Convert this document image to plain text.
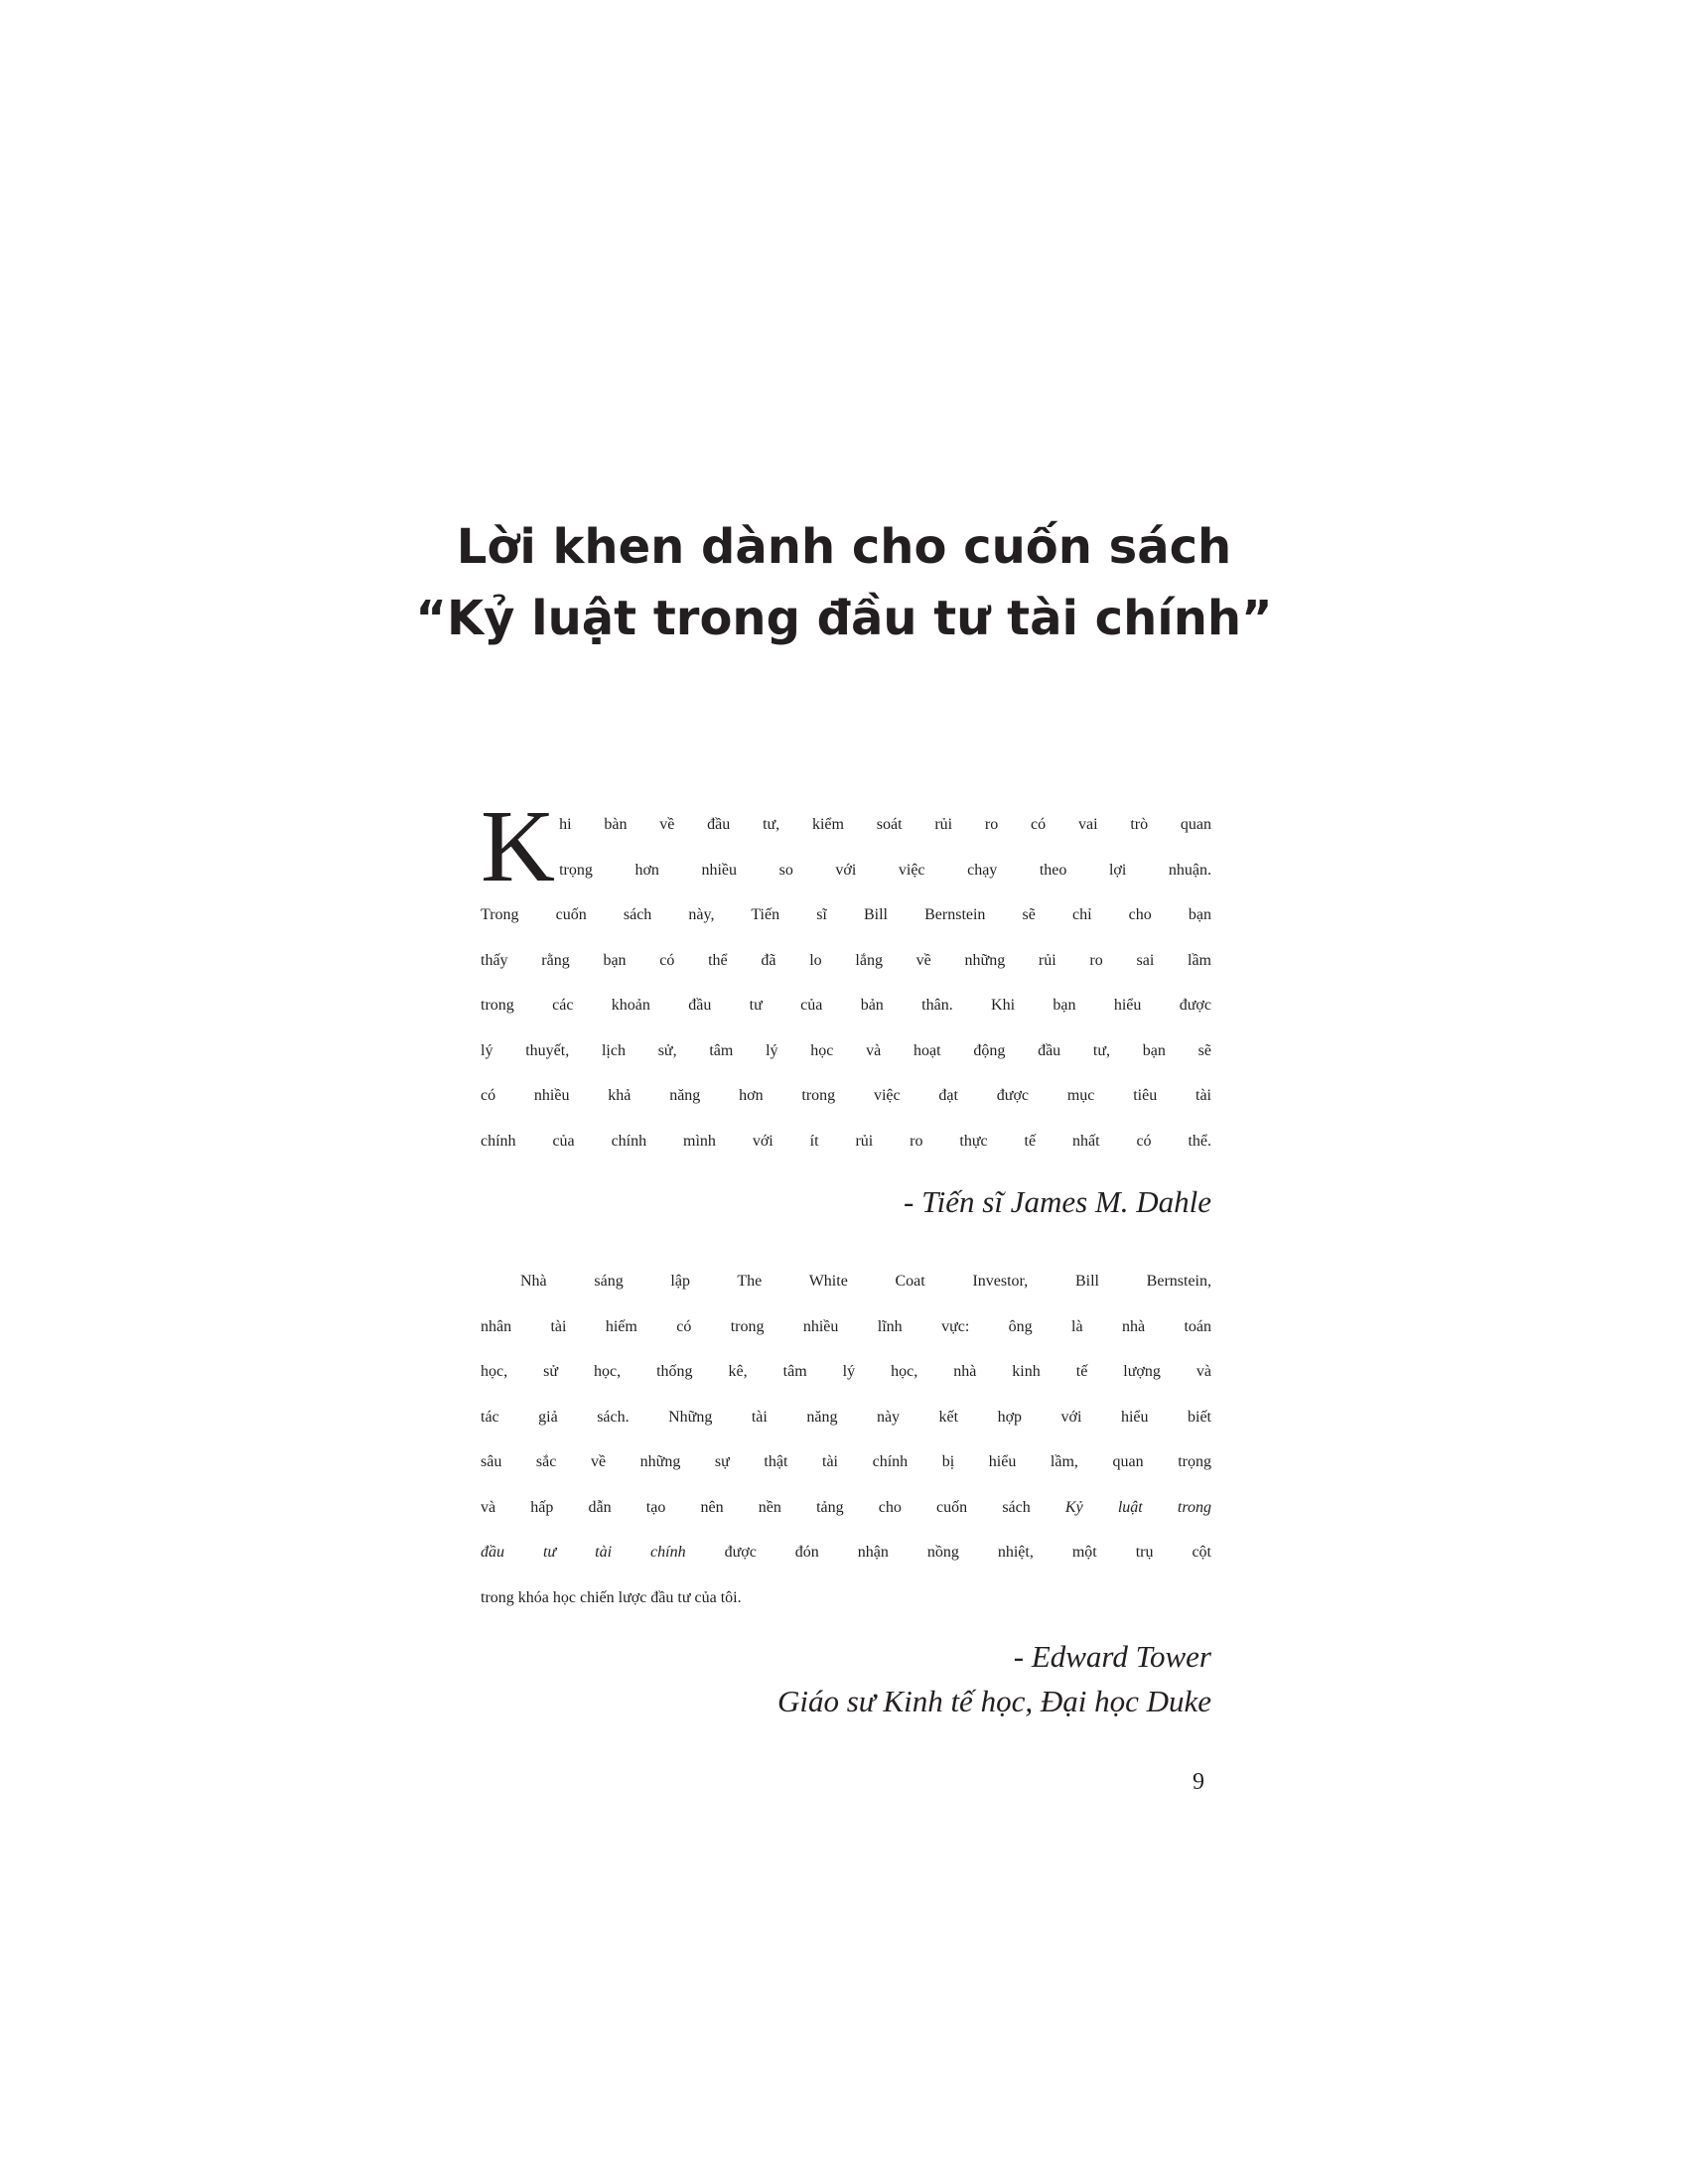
Lời khen dành cho cuốn sách
“Kỷ luật trong đầu tư tài chính”
K hi bàn về đầu tư, kiểm soát rủi ro có vai trò quan
trọng hơn nhiều so với việc chạy theo lợi nhuận.
Trong cuốn sách này, Tiến sĩ Bill Bernstein sẽ chỉ cho bạn
thấy rằng bạn có thể đã lo lắng về những rủi ro sai lầm
trong các khoản đầu tư của bản thân. Khi bạn hiểu được
lý thuyết, lịch sử, tâm lý học và hoạt động đầu tư, bạn sẽ
có nhiều khả năng hơn trong việc đạt được mục tiêu tài
chính của chính mình với ít rủi ro thực tế nhất có thể.
- Tiến sĩ James M. Dahle
Nhà sáng lập The White Coat Investor, Bill Bernstein,
nhân tài hiếm có trong nhiều lĩnh vực: ông là nhà toán
học, sử học, thống kê, tâm lý học, nhà kinh tế lượng và
tác giả sách. Những tài năng này kết hợp với hiểu biết
sâu sắc về những sự thật tài chính bị hiểu lầm, quan trọng
và hấp dẫn tạo nên nền tảng cho cuốn sách Kỷ luật trong
đầu tư tài chính được đón nhận nồng nhiệt, một trụ cột
trong khóa học chiến lược đầu tư của tôi.
- Edward Tower
Giáo sư Kinh tế học, Đại học Duke
9
